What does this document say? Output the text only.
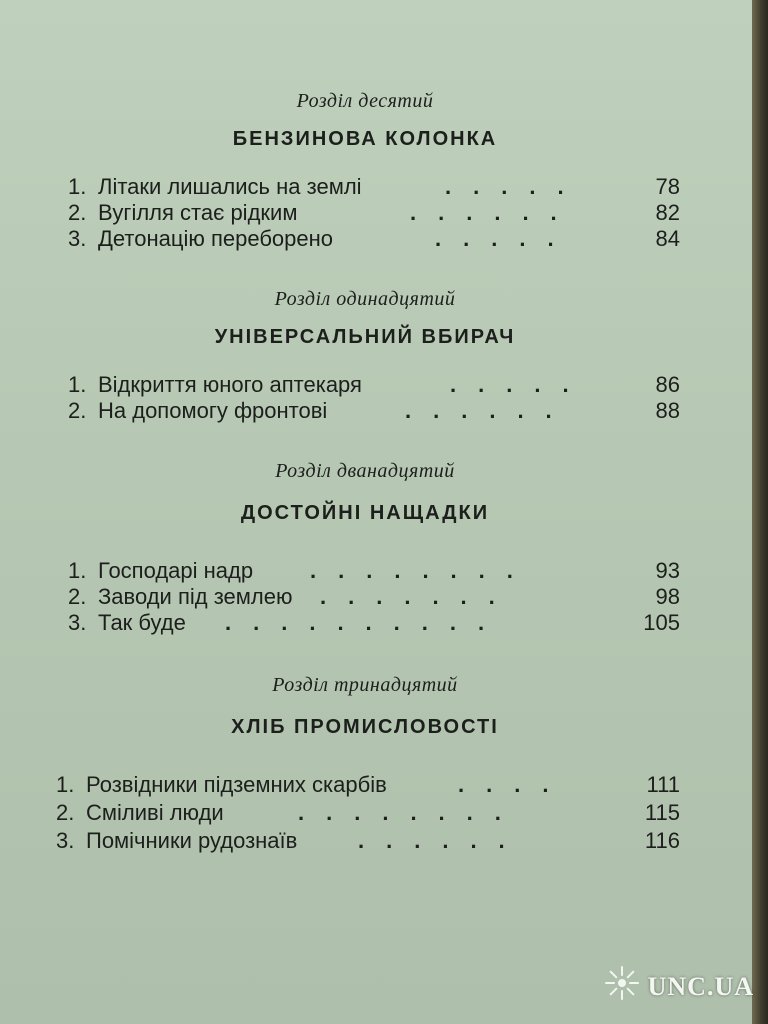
Розділ десятий
БЕНЗИНОВА КОЛОНКА
1. Літаки лишались на землі	.....	78
2. Вугілля стає рідким	......	82
3. Детонацію переборено	.....	84
Розділ одинадцятий
УНІВЕРСАЛЬНИЙ ВБИРАЧ
1. Відкриття юного аптекаря	.....	86
2. На допомогу фронтові	......	88
Розділ дванадцятий
ДОСТОЙНІ НАЩАДКИ
1. Господарі надр	........	93
2. Заводи під землею .......	98
3. Так буде ..........	105
Розділ тринадцятий
ХЛІБ ПРОМИСЛОВОСТІ
1. Розвідники підземних скарбів	....	111
2. Сміливі люди	........	115
3. Помічники рудознаїв	......	116
UNC.UA
